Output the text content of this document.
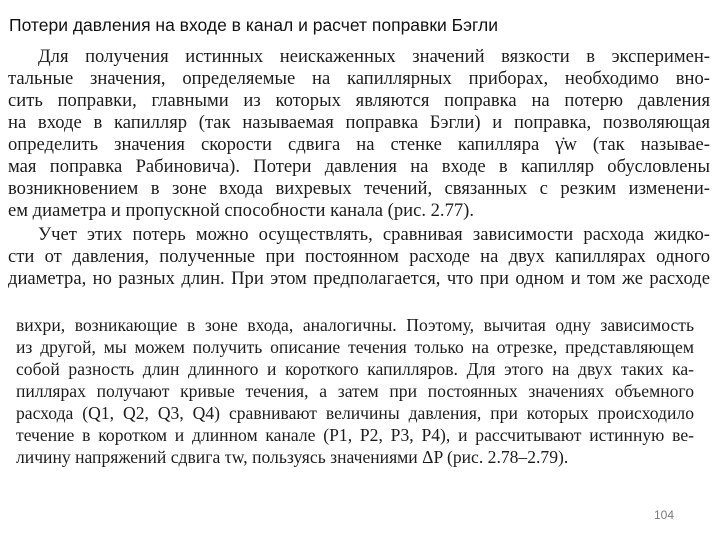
Потери давления на входе в канал и расчет поправки Бэгли
Для получения истинных неискаженных значений вязкости в эксперимен-
тальные значения, определяемые на капиллярных приборах, необходимо вно-
сить поправки, главными из которых являются поправка на потерю давления
на входе в капилляр (так называемая поправка Бэгли) и поправка, позволяющая
определить значения скорости сдвига на стенке капилляра γ̇w (так называе-
мая поправка Рабиновича). Потери давления на входе в капилляр обусловлены
возникновением в зоне входа вихревых течений, связанных с резким изменени-
ем диаметра и пропускной способности канала (рис. 2.77).
Учет этих потерь можно осуществлять, сравнивая зависимости расхода жидко-
сти от давления, полученные при постоянном расходе на двух капиллярах одного
диаметра, но разных длин. При этом предполагается, что при одном и том же расходе
вихри, возникающие в зоне входа, аналогичны. Поэтому, вычитая одну зависимость
из другой, мы можем получить описание течения только на отрезке, представляющем
собой разность длин длинного и короткого капилляров. Для этого на двух таких ка-
пиллярах получают кривые течения, а затем при постоянных значениях объемного
расхода (Q1, Q2, Q3, Q4) сравнивают величины давления, при которых происходило
течение в коротком и длинном канале (P1, P2, P3, P4), и рассчитывают истинную ве-
личину напряжений сдвига τw, пользуясь значениями ΔP (рис. 2.78–2.79).
104
